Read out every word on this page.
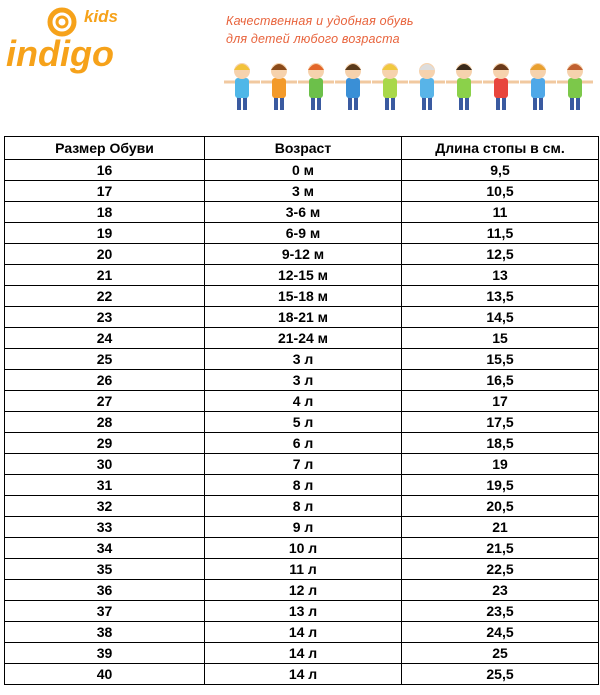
kids
indigo
Качественная и удобная обувь
для детей любого возраста
Размер Обуви	Возраст	Длина стопы в см.
16	0 м	9,5
17	3 м	10,5
18	3-6 м	11
19	6-9 м	11,5
20	9-12 м	12,5
21	12-15 м	13
22	15-18 м	13,5
23	18-21 м	14,5
24	21-24 м	15
25	3 л	15,5
26	3 л	16,5
27	4 л	17
28	5 л	17,5
29	6 л	18,5
30	7 л	19
31	8 л	19,5
32	8 л	20,5
33	9 л	21
34	10 л	21,5
35	11 л	22,5
36	12 л	23
37	13 л	23,5
38	14 л	24,5
39	14 л	25
40	14 л	25,5
